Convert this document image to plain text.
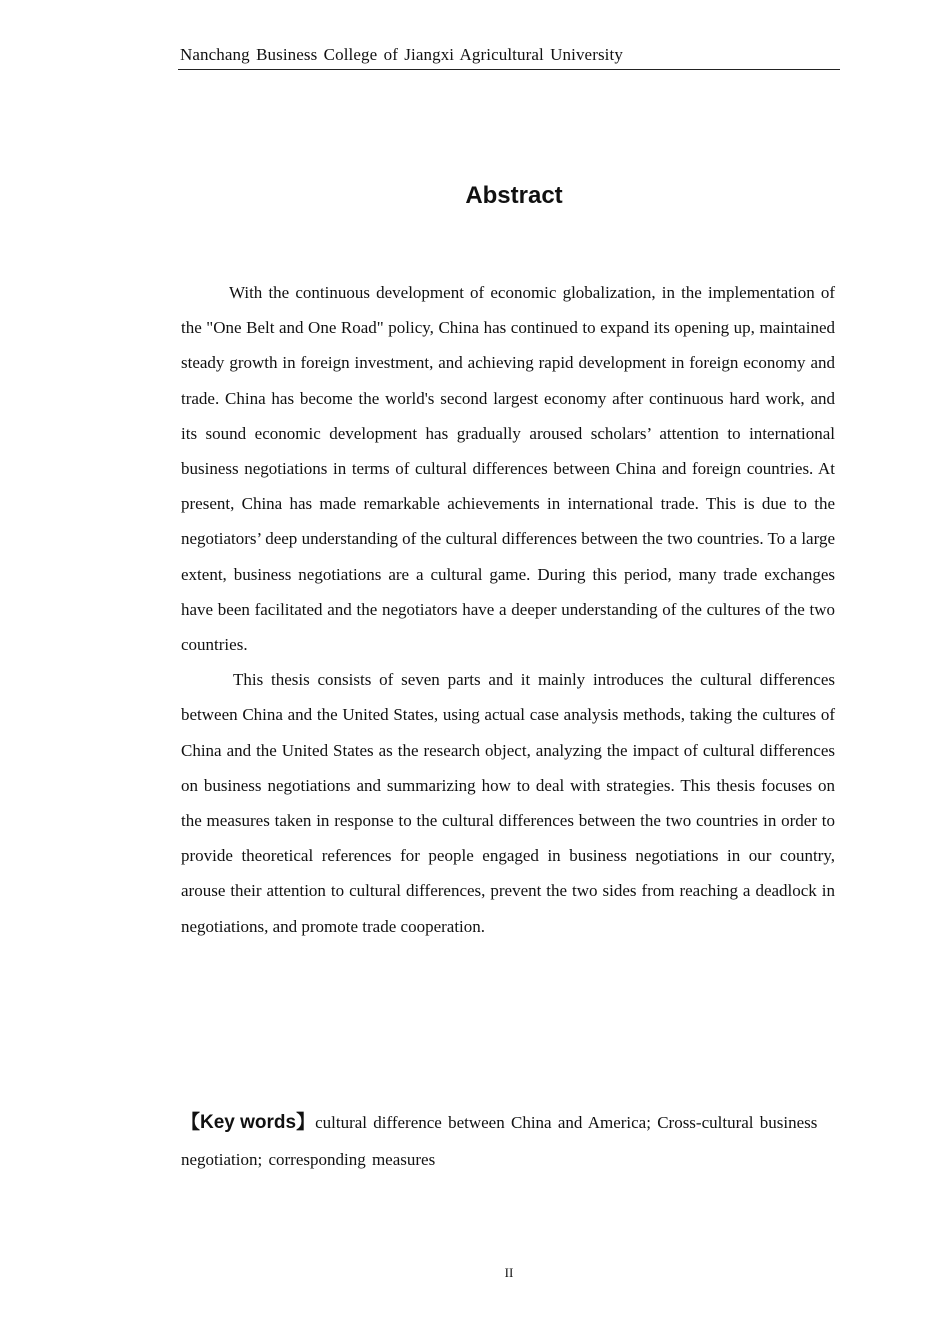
Nanchang Business College of Jiangxi Agricultural University
Abstract

With the continuous development of economic globalization, in the implementation of the "One Belt and One Road" policy, China has continued to expand its opening up, maintained steady growth in foreign investment, and achieving rapid development in foreign economy and trade. China has become the world's second largest economy after continuous hard work, and its sound economic development has gradually aroused scholars’ attention to international business negotiations in terms of cultural differences between China and foreign countries. At present, China has made remarkable achievements in international trade. This is due to the negotiators’ deep understanding of the cultural differences between the two countries. To a large extent, business negotiations are a cultural game. During this period, many trade exchanges have been facilitated and the negotiators have a deeper understanding of the cultures of the two countries.

This thesis consists of seven parts and it mainly introduces the cultural differences between China and the United States, using actual case analysis methods, taking the cultures of China and the United States as the research object, analyzing the impact of cultural differences on business negotiations and summarizing how to deal with strategies. This thesis focuses on the measures taken in response to the cultural differences between the two countries in order to provide theoretical references for people engaged in business negotiations in our country, arouse their attention to cultural differences, prevent the two sides from reaching a deadlock in negotiations, and promote trade cooperation.

【Key words】cultural difference between China and America; Cross-cultural business negotiation; corresponding measures
II
